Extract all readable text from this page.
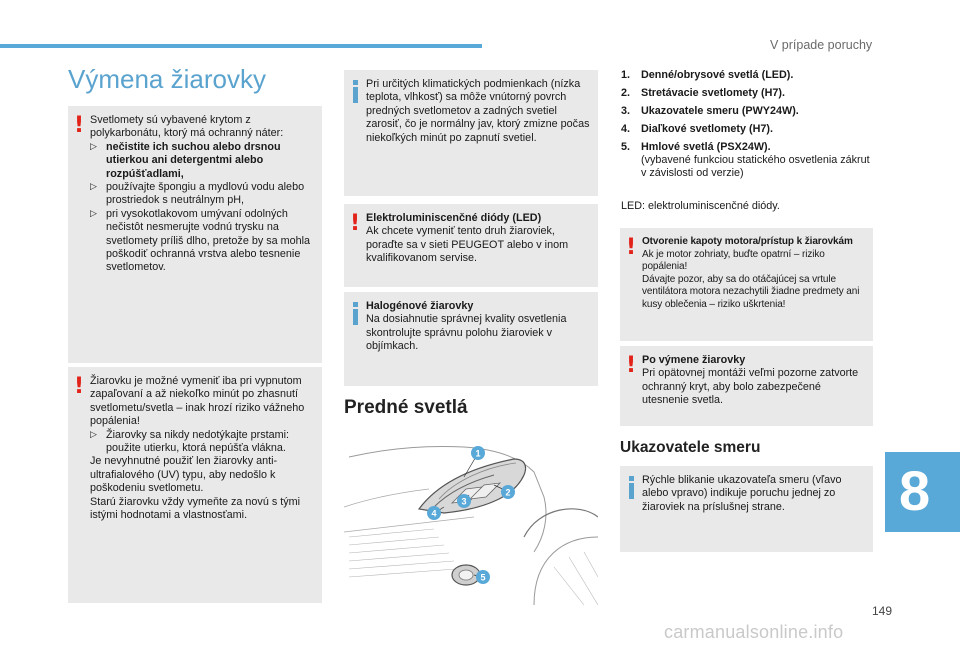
V prípade poruchy
Výmena žiarovky
! Svetlomety sú vybavené krytom z polykarbonátu, ktorý má ochranný náter:

▷ nečistite ich suchou alebo drsnou utierkou ani detergentmi alebo rozpúšťadlami,
▷ používajte špongiu a mydlovú vodu alebo prostriedok s neutrálnym pH,
▷ pri vysokotlakovom umývaní odolných nečistôt nesmerujte vodnú trysku na svetlomety príliš dlho, pretože by sa mohla poškodiť ochranná vrstva alebo tesnenie svetlometov.
! Žiarovku je možné vymeniť iba pri vypnutom zapaľovaní a až niekoľko minút po zhasnutí svetlometu/svetla – inak hrozí riziko vážneho popálenia!

▷ Žiarovky sa nikdy nedotýkajte prstami: použite utierku, ktorá nepúšťa vlákna.

Je nevyhnutné použiť len žiarovky anti-ultrafialového (UV) typu, aby nedošlo k poškodeniu svetlometu.

Starú žiarovku vždy vymeňte za novú s tými istými hodnotami a vlastnosťami.

Pri určitých klimatických podmienkach (nízka teplota, vlhkosť) sa môže vnútorný povrch predných svetlometov a zadných svetiel zarosiť, čo je normálny jav, ktorý zmizne počas niekoľkých minút po zapnutí svetiel.

! Elektroluminiscenčné diódy (LED)

Ak chcete vymeniť tento druh žiaroviek, poraďte sa v sieti PEUGEOT alebo v inom kvalifikovanom servise.

Halogénové žiarovky

Na dosiahnutie správnej kvality osvetlenia skontrolujte správnu polohu žiaroviek v objímkach.

Predné svetlá
1
2
3
4
5
1.	Denné/obrysové svetlá (LED).
2.	Stretávacie svetlomety (H7).
3.	Ukazovatele smeru (PWY24W).
4.	Diaľkové svetlomety (H7).
5.	Hmlové svetlá (PSX24W).
(vybavené funkciou statického osvetlenia zákrut v závislosti od verzie)

LED: elektroluminiscenčné diódy.

! Otvorenie kapoty motora/prístup k žiarovkám

Ak je motor zohriaty, buďte opatrní – riziko popálenia!

Dávajte pozor, aby sa do otáčajúcej sa vrtule ventilátora motora nezachytili žiadne predmety ani kusy oblečenia – riziko uškrtenia!

! Po výmene žiarovky

Pri opätovnej montáži veľmi pozorne zatvorte ochranný kryt, aby bolo zabezpečené utesnenie svetla.

Ukazovatele smeru

Rýchle blikanie ukazovateľa smeru (vľavo alebo vpravo) indikuje poruchu jednej zo žiaroviek na príslušnej strane.	8
149
carmanualsonline.info
